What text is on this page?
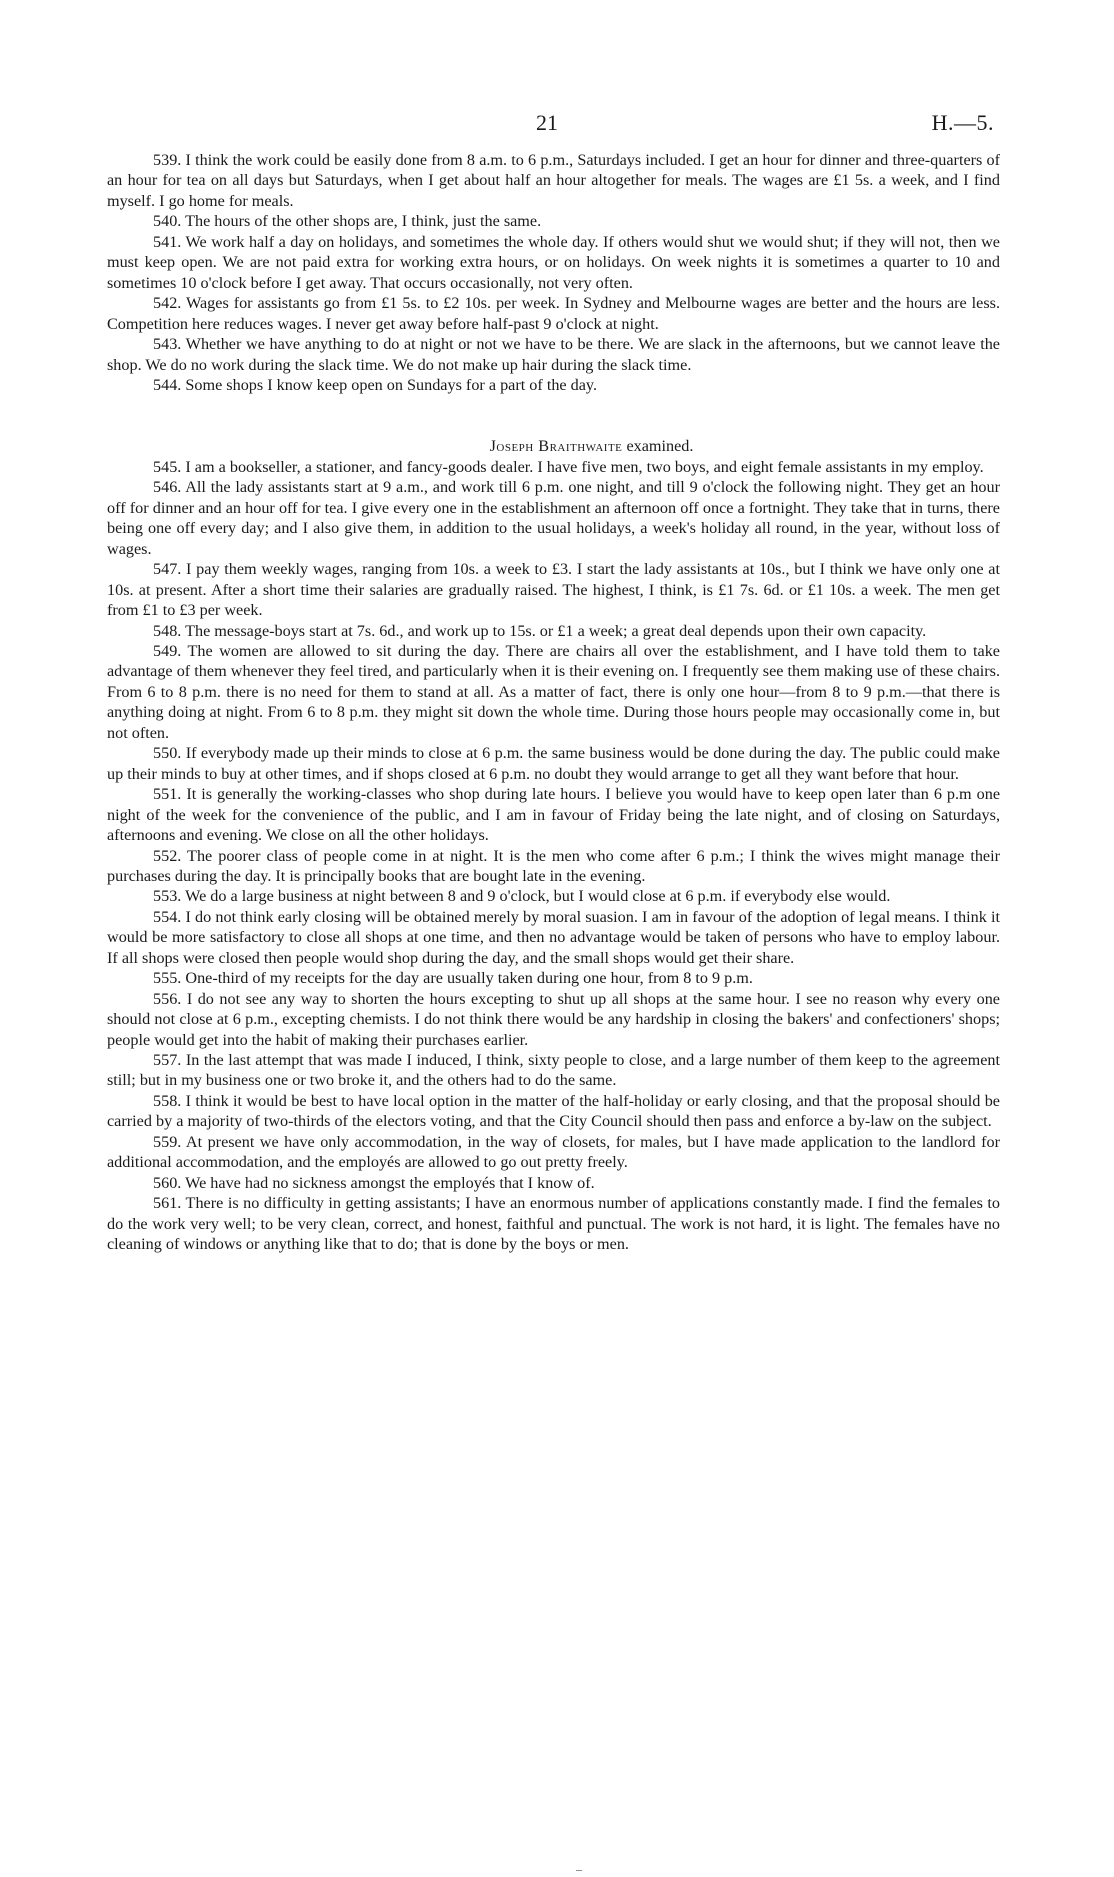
21	H.—5.

539. I think the work could be easily done from 8 a.m. to 6 p.m., Saturdays included. I get an hour for dinner and three-quarters of an hour for tea on all days but Saturdays, when I get about half an hour altogether for meals. The wages are £1 5s. a week, and I find myself. I go home for meals.

540. The hours of the other shops are, I think, just the same.

541. We work half a day on holidays, and sometimes the whole day. If others would shut we would shut; if they will not, then we must keep open. We are not paid extra for working extra hours, or on holidays. On week nights it is sometimes a quarter to 10 and sometimes 10 o'clock before I get away. That occurs occasionally, not very often.

542. Wages for assistants go from £1 5s. to £2 10s. per week. In Sydney and Melbourne wages are better and the hours are less. Competition here reduces wages. I never get away before half-past 9 o'clock at night.

543. Whether we have anything to do at night or not we have to be there. We are slack in the afternoons, but we cannot leave the shop. We do no work during the slack time. We do not make up hair during the slack time.

544. Some shops I know keep open on Sundays for a part of the day.

Joseph Braithwaite examined.

545. I am a bookseller, a stationer, and fancy-goods dealer. I have five men, two boys, and eight female assistants in my employ.

546. All the lady assistants start at 9 a.m., and work till 6 p.m. one night, and till 9 o'clock the following night. They get an hour off for dinner and an hour off for tea. I give every one in the establishment an afternoon off once a fortnight. They take that in turns, there being one off every day; and I also give them, in addition to the usual holidays, a week's holiday all round, in the year, without loss of wages.

547. I pay them weekly wages, ranging from 10s. a week to £3. I start the lady assistants at 10s., but I think we have only one at 10s. at present. After a short time their salaries are gradually raised. The highest, I think, is £1 7s. 6d. or £1 10s. a week. The men get from £1 to £3 per week.

548. The message-boys start at 7s. 6d., and work up to 15s. or £1 a week; a great deal depends upon their own capacity.

549. The women are allowed to sit during the day. There are chairs all over the establishment, and I have told them to take advantage of them whenever they feel tired, and particularly when it is their evening on. I frequently see them making use of these chairs. From 6 to 8 p.m. there is no need for them to stand at all. As a matter of fact, there is only one hour—from 8 to 9 p.m.—that there is anything doing at night. From 6 to 8 p.m. they might sit down the whole time. During those hours people may occasionally come in, but not often.

550. If everybody made up their minds to close at 6 p.m. the same business would be done during the day. The public could make up their minds to buy at other times, and if shops closed at 6 p.m. no doubt they would arrange to get all they want before that hour.

551. It is generally the working-classes who shop during late hours. I believe you would have to keep open later than 6 p.m one night of the week for the convenience of the public, and I am in favour of Friday being the late night, and of closing on Saturdays, afternoons and evening. We close on all the other holidays.

552. The poorer class of people come in at night. It is the men who come after 6 p.m.; I think the wives might manage their purchases during the day. It is principally books that are bought late in the evening.

553. We do a large business at night between 8 and 9 o'clock, but I would close at 6 p.m. if everybody else would.

554. I do not think early closing will be obtained merely by moral suasion. I am in favour of the adoption of legal means. I think it would be more satisfactory to close all shops at one time, and then no advantage would be taken of persons who have to employ labour. If all shops were closed then people would shop during the day, and the small shops would get their share.

555. One-third of my receipts for the day are usually taken during one hour, from 8 to 9 p.m.

556. I do not see any way to shorten the hours excepting to shut up all shops at the same hour. I see no reason why every one should not close at 6 p.m., excepting chemists. I do not think there would be any hardship in closing the bakers' and confectioners' shops; people would get into the habit of making their purchases earlier.

557. In the last attempt that was made I induced, I think, sixty people to close, and a large number of them keep to the agreement still; but in my business one or two broke it, and the others had to do the same.

558. I think it would be best to have local option in the matter of the half-holiday or early closing, and that the proposal should be carried by a majority of two-thirds of the electors voting, and that the City Council should then pass and enforce a by-law on the subject.

559. At present we have only accommodation, in the way of closets, for males, but I have made application to the landlord for additional accommodation, and the employés are allowed to go out pretty freely.

560. We have had no sickness amongst the employés that I know of.

561. There is no difficulty in getting assistants; I have an enormous number of applications constantly made. I find the females to do the work very well; to be very clean, correct, and honest, faithful and punctual. The work is not hard, it is light. The females have no cleaning of windows or anything like that to do; that is done by the boys or men.

‒
